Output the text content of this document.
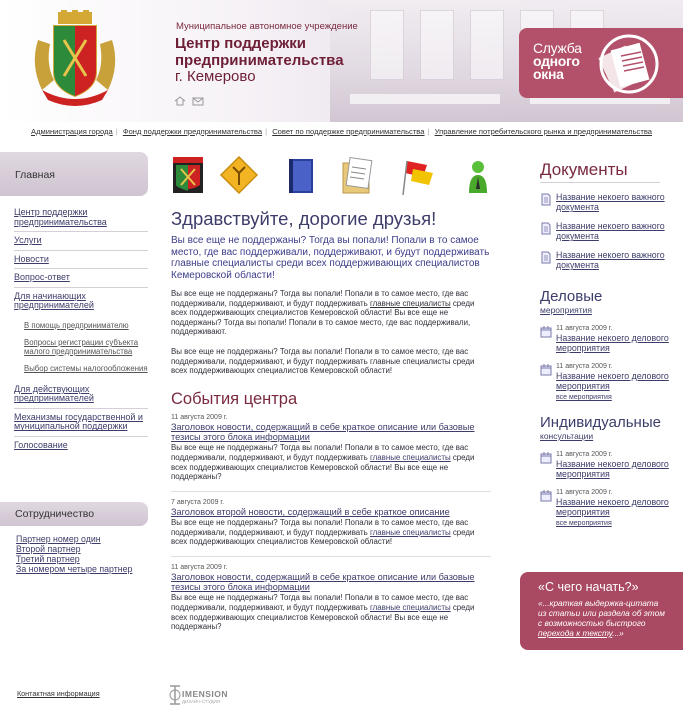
Муниципальное автономное учреждение
Центр поддержки
предпринимательства
г. Кемерово
Служба
одного
окна
Администрация города | Фонд поддержки предпринимательства | Совет по поддержке предпринимательства | Управление потребительского рынка и предпринимательства
Главная
Центр поддержки предпринимательства
Услуги
Новости
Вопрос-ответ
Для начинающих предпринимателей
В помощь предпринимателю
Вопросы регистрации субъекта малого предпринимательства
Выбор системы налогообложения
Для действующих предпринимателей
Механизмы государственной и муниципальной поддержки
Голосование
Сотрудничество
Партнер номер один
Второй партнер
Третий партнер
За номером четыре партнер
Здравствуйте, дорогие друзья!
Вы все еще не поддержаны? Тогда вы попали! Попали в то самое место, где вас поддерживали, поддерживают, и будут поддерживать главные специалисты среди всех поддерживающих специалистов Кемеровской области!
Вы все еще не поддержаны? Тогда вы попали! Попали в то самое место, где вас поддерживали, поддерживают, и будут поддерживать главные специалисты среди всех поддерживающих специалистов Кемеровской области! Вы все еще не поддержаны? Тогда вы попали! Попали в то самое место, где вас поддерживали, поддерживают.
Вы все еще не поддержаны? Тогда вы попали! Попали в то самое место, где вас поддерживали, поддерживают, и будут поддерживать главные специалисты среди всех поддерживающих специалистов Кемеровской области!
События центра
11 августа 2009 г.
Заголовок новости, содержащий в себе краткое описание или базовые тезисы этого блока информации
Вы все еще не поддержаны? Тогда вы попали! Попали в то самое место, где вас поддерживали, поддерживают, и будут поддерживать главные специалисты среди всех поддерживающих специалистов Кемеровской области! Вы все еще не поддержаны?
7 августа 2009 г.
Заголовок второй новости, содержащий в себе краткое описание
Вы все еще не поддержаны? Тогда вы попали! Попали в то самое место, где вас поддерживали, поддерживают, и будут поддерживать главные специалисты среди всех поддерживающих специалистов Кемеровской области!
11 августа 2009 г.
Заголовок новости, содержащий в себе краткое описание или базовые тезисы этого блока информации
Вы все еще не поддержаны? Тогда вы попали! Попали в то самое место, где вас поддерживали, поддерживают, и будут поддерживать главные специалисты среди всех поддерживающих специалистов Кемеровской области! Вы все еще не поддержаны?
Документы
Название некоего важного документа
Название некоего важного документа
Название некоего важного документа
Деловые
мероприятия
11 августа 2009 г.
Название некоего делового мероприятия
11 августа 2009 г.
Название некоего делового мероприятия
все мероприятия
Индивидуальные
консультации
11 августа 2009 г.
Название некоего делового мероприятия
11 августа 2009 г.
Название некоего делового мероприятия
все мероприятия
«С чего начать?»
«...краткая выдержка-цитата из статьи или раздела об этом с возможностью быстрого перехода к тексту...»
Контактная информация	IMENSION
ДИЗАЙН-СТУДИЯ
